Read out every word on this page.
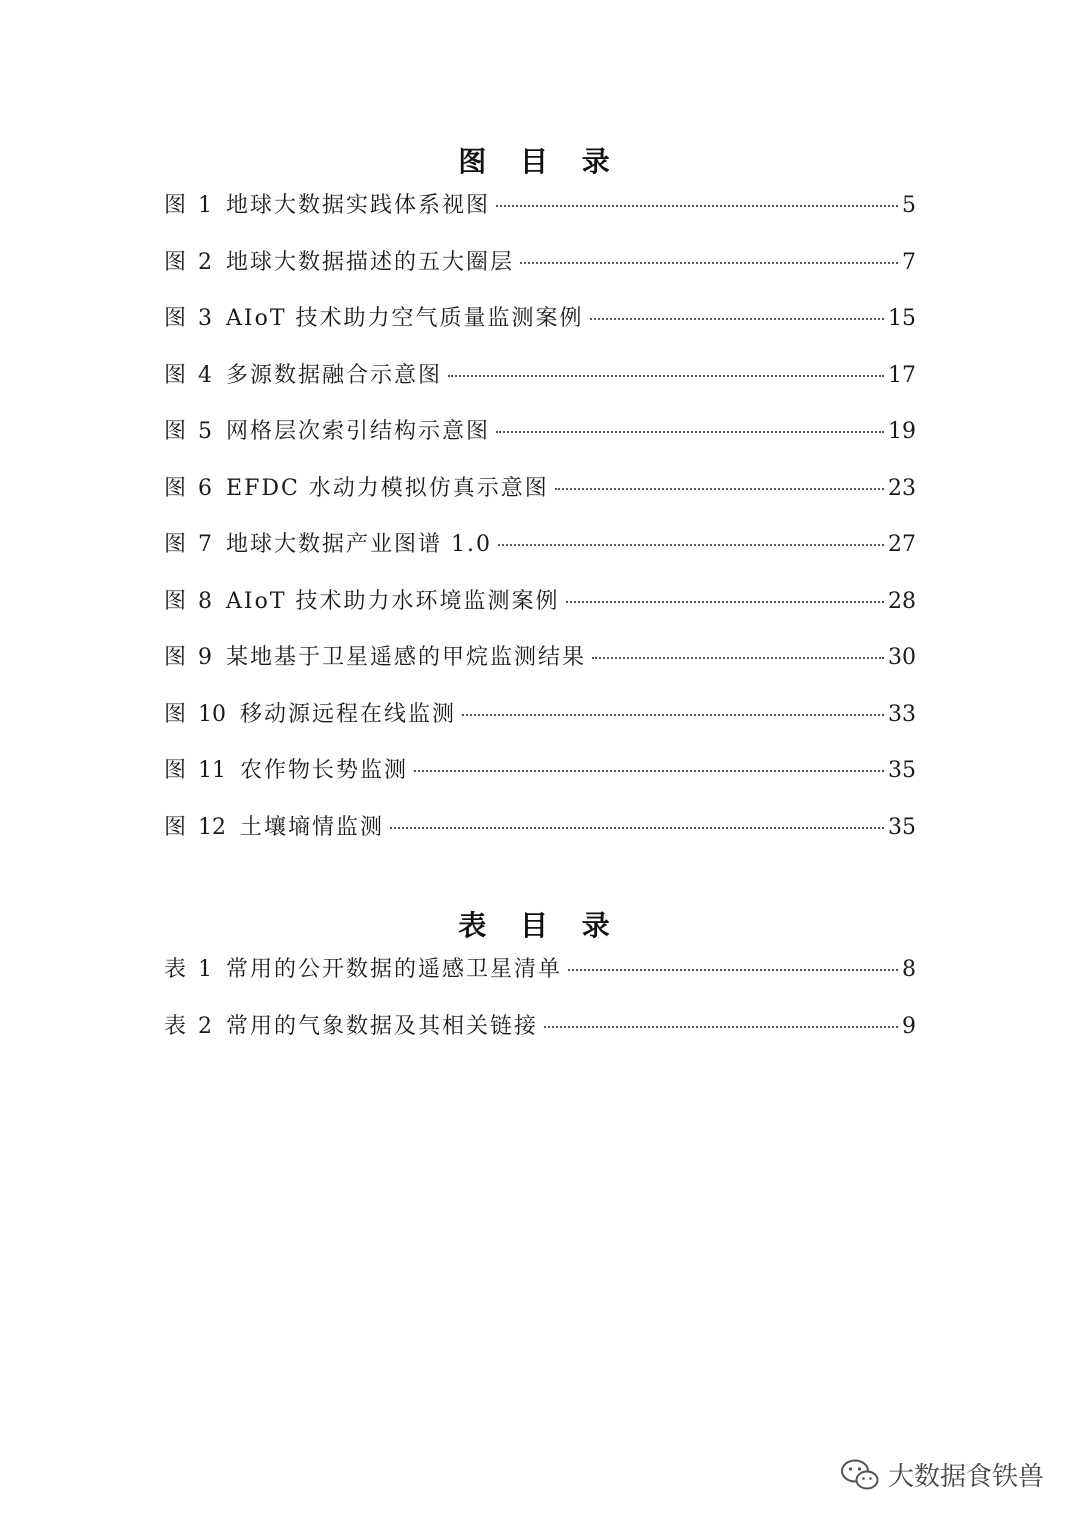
图 目 录
图 1 地球大数据实践体系视图	5
图 2 地球大数据描述的五大圈层	7
图 3 AIoT 技术助力空气质量监测案例	15
图 4 多源数据融合示意图	17
图 5 网格层次索引结构示意图	19
图 6 EFDC 水动力模拟仿真示意图	23
图 7 地球大数据产业图谱 1.0	27
图 8 AIoT 技术助力水环境监测案例	28
图 9 某地基于卫星遥感的甲烷监测结果	30
图 10 移动源远程在线监测	33
图 11 农作物长势监测	35
图 12 土壤墒情监测	35
表 目 录
表 1 常用的公开数据的遥感卫星清单	8
表 2 常用的气象数据及其相关链接	9
大数据食铁兽
